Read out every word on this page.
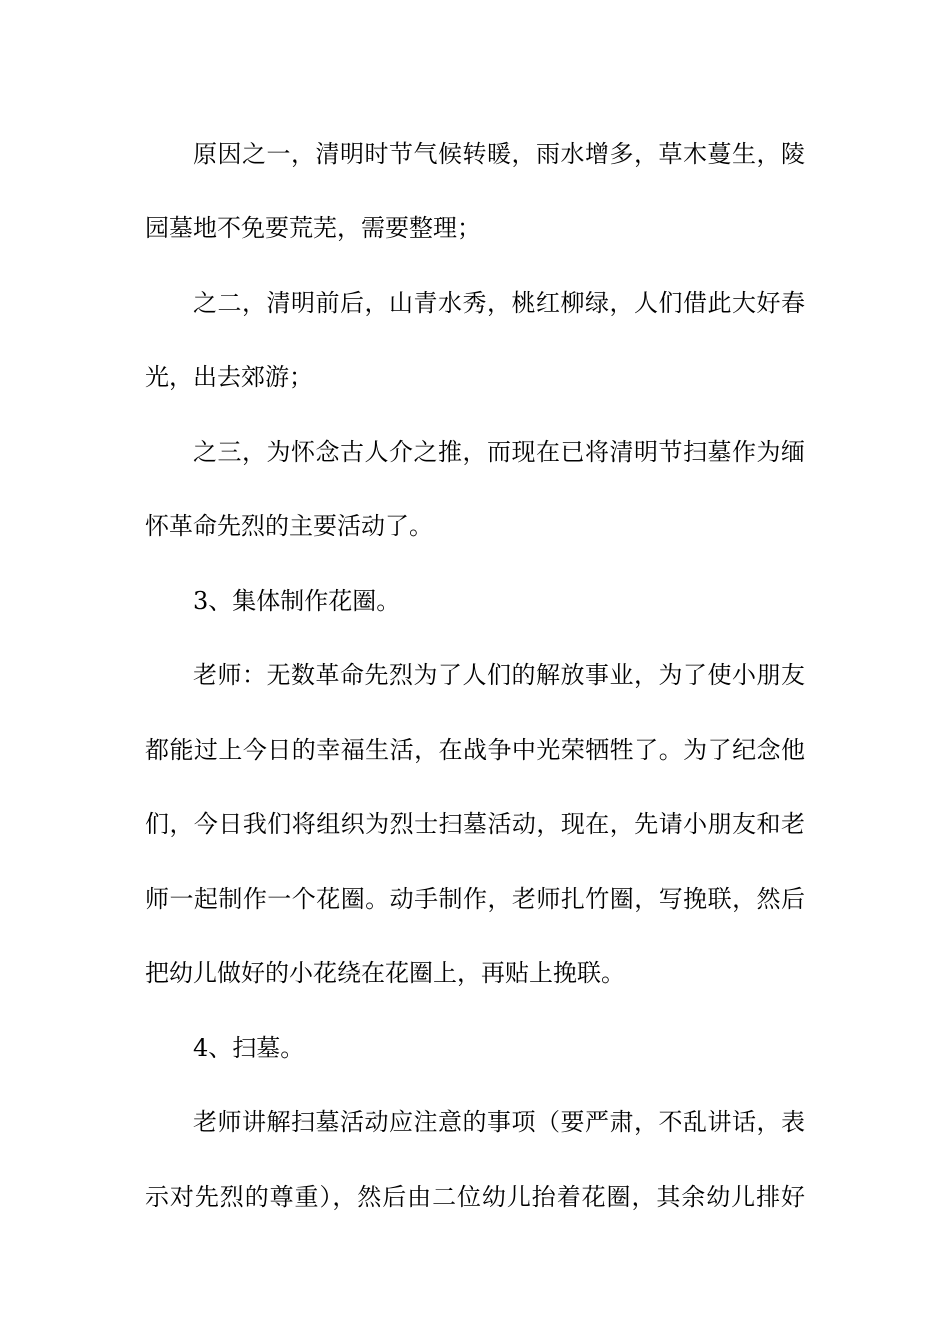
原因之一，清明时节气候转暖，雨水增多，草木蔓生，陵
园墓地不免要荒芜，需要整理；
之二，清明前后，山青水秀，桃红柳绿，人们借此大好春
光，出去郊游；
之三，为怀念古人介之推，而现在已将清明节扫墓作为缅
怀革命先烈的主要活动了。
3、集体制作花圈。
老师：无数革命先烈为了人们的解放事业，为了使小朋友
都能过上今日的幸福生活，在战争中光荣牺牲了。为了纪念他
们，今日我们将组织为烈士扫墓活动，现在，先请小朋友和老
师一起制作一个花圈。动手制作，老师扎竹圈，写挽联，然后
把幼儿做好的小花绕在花圈上，再贴上挽联。
4、扫墓。
老师讲解扫墓活动应注意的事项（要严肃，不乱讲话，表
示对先烈的尊重），然后由二位幼儿抬着花圈，其余幼儿排好
